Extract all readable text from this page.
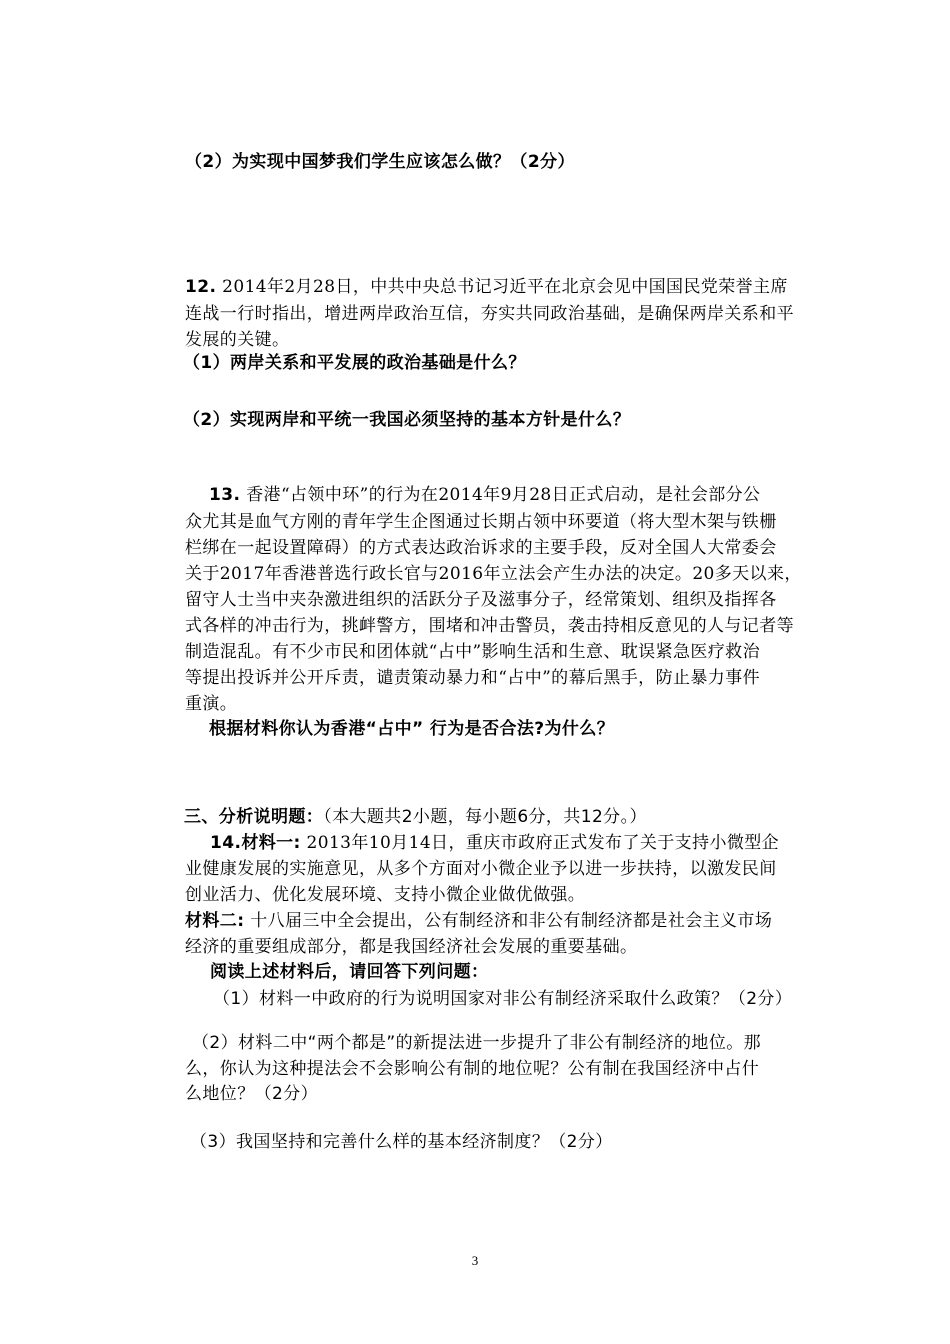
（2）为实现中国梦我们学生应该怎么做？（2分）
12. 2014年2月28日，中共中央总书记习近平在北京会见中国国民党荣誉主席
连战一行时指出，增进两岸政治互信，夯实共同政治基础，是确保两岸关系和平
发展的关键。
（1）两岸关系和平发展的政治基础是什么？
（2）实现两岸和平统一我国必须坚持的基本方针是什么？
13. 香港“占领中环”的行为在2014年9月28日正式启动，是社会部分公
众尤其是血气方刚的青年学生企图通过长期占领中环要道（将大型木架与铁栅
栏绑在一起设置障碍）的方式表达政治诉求的主要手段，反对全国人大常委会
关于2017年香港普选行政长官与2016年立法会产生办法的决定。20多天以来，
留守人士当中夹杂激进组织的活跃分子及滋事分子，经常策划、组织及指挥各
式各样的冲击行为，挑衅警方，围堵和冲击警员，袭击持相反意见的人与记者等
制造混乱。有不少市民和团体就“占中”影响生活和生意、耽误紧急医疗救治
等提出投诉并公开斥责，谴责策动暴力和“占中”的幕后黑手，防止暴力事件
重演。
根据材料你认为香港“占中” 行为是否合法?为什么？
三、分析说明题：（本大题共2小题，每小题6分，共12分。）
14.材料一: 2013年10月14日，重庆市政府正式发布了关于支持小微型企
业健康发展的实施意见，从多个方面对小微企业予以进一步扶持，以激发民间
创业活力、优化发展环境、支持小微企业做优做强。
材料二: 十八届三中全会提出，公有制经济和非公有制经济都是社会主义市场
经济的重要组成部分，都是我国经济社会发展的重要基础。
阅读上述材料后，请回答下列问题：
（1）材料一中政府的行为说明国家对非公有制经济采取什么政策？（2分）
（2）材料二中“两个都是”的新提法进一步提升了非公有制经济的地位。那
么，你认为这种提法会不会影响公有制的地位呢？公有制在我国经济中占什
么地位？（2分）
（3）我国坚持和完善什么样的基本经济制度？（2分）
3
